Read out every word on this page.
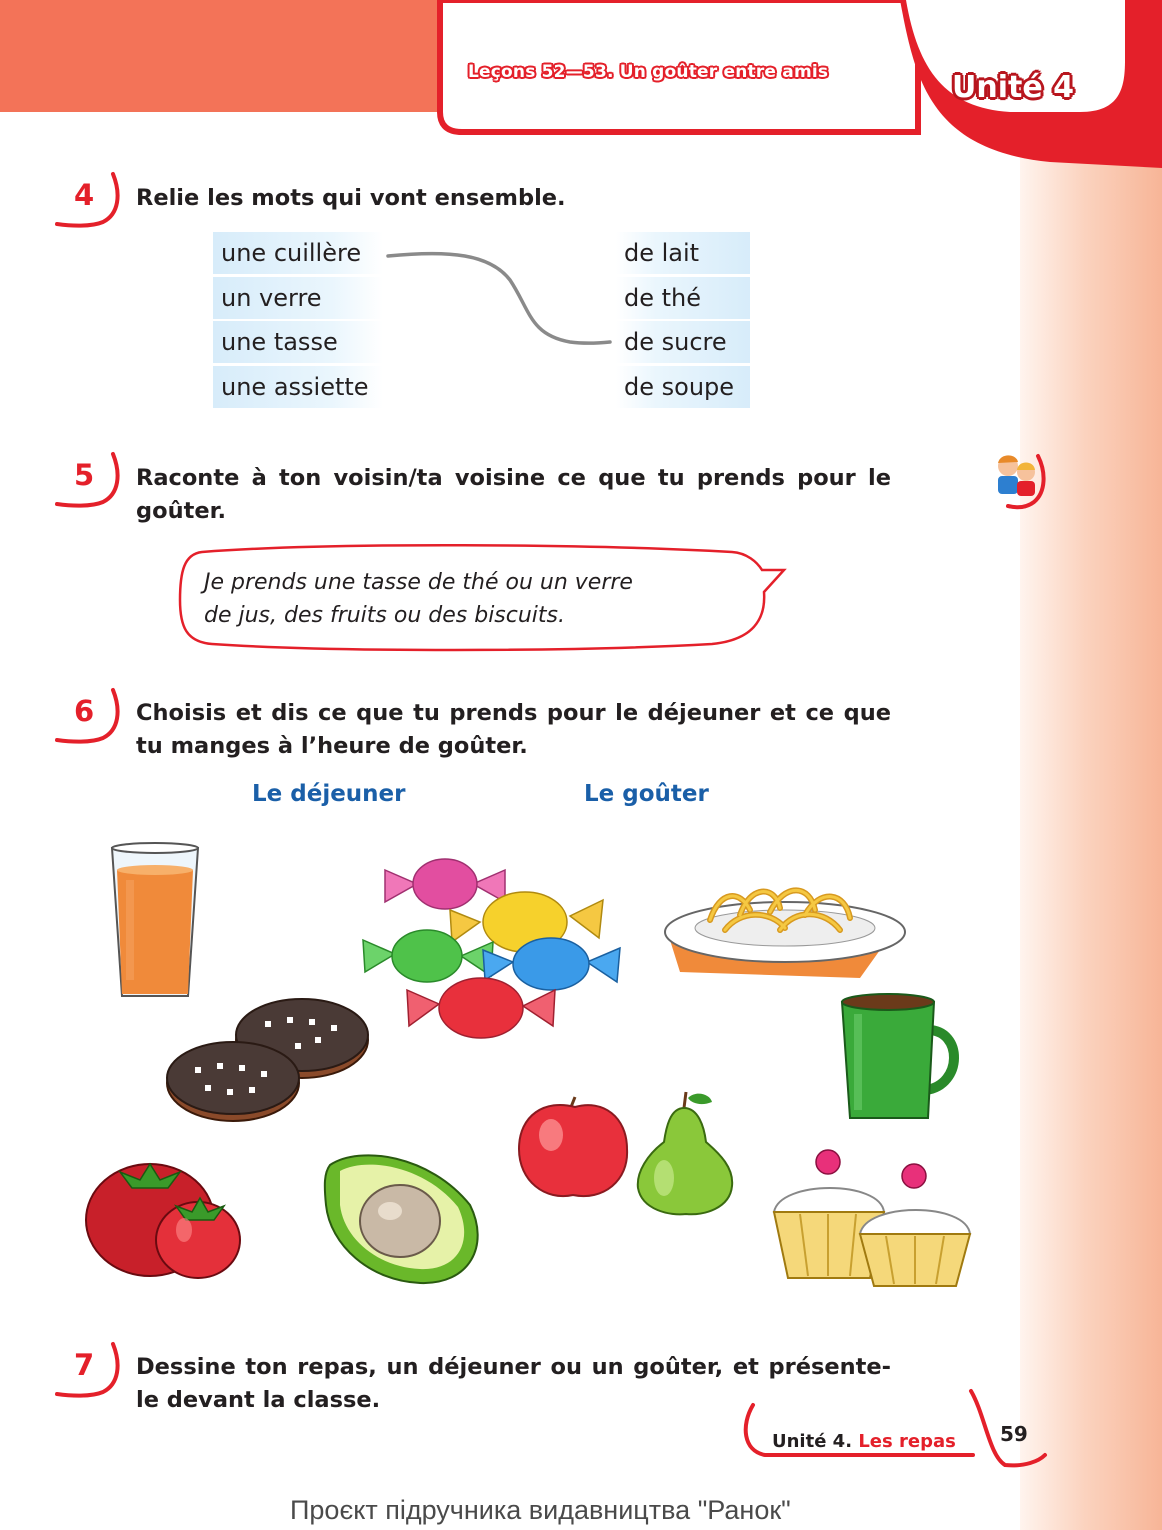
Leçons 52—53. Un goûter entre amis	Unité 4
4 Relie les mots qui vont ensemble.
une cuillère
un verre
une tasse
une assiette
de lait
de thé
de sucre
de soupe
5 Raconte à ton voisin/ta voisine ce que tu prends pour le goûter.
Je prends une tasse de thé ou un verre
de jus, des fruits ou des biscuits.
6 Choisis et dis ce que tu prends pour le déjeuner et ce que tu manges à l’heure de goûter.
Le déjeuner	Le goûter
7 Dessine ton repas, un déjeuner ou un goûter, et présente-le devant la classe.
Unité 4. Les repas 59
Проєкт підручника видавництва "Ранок"
